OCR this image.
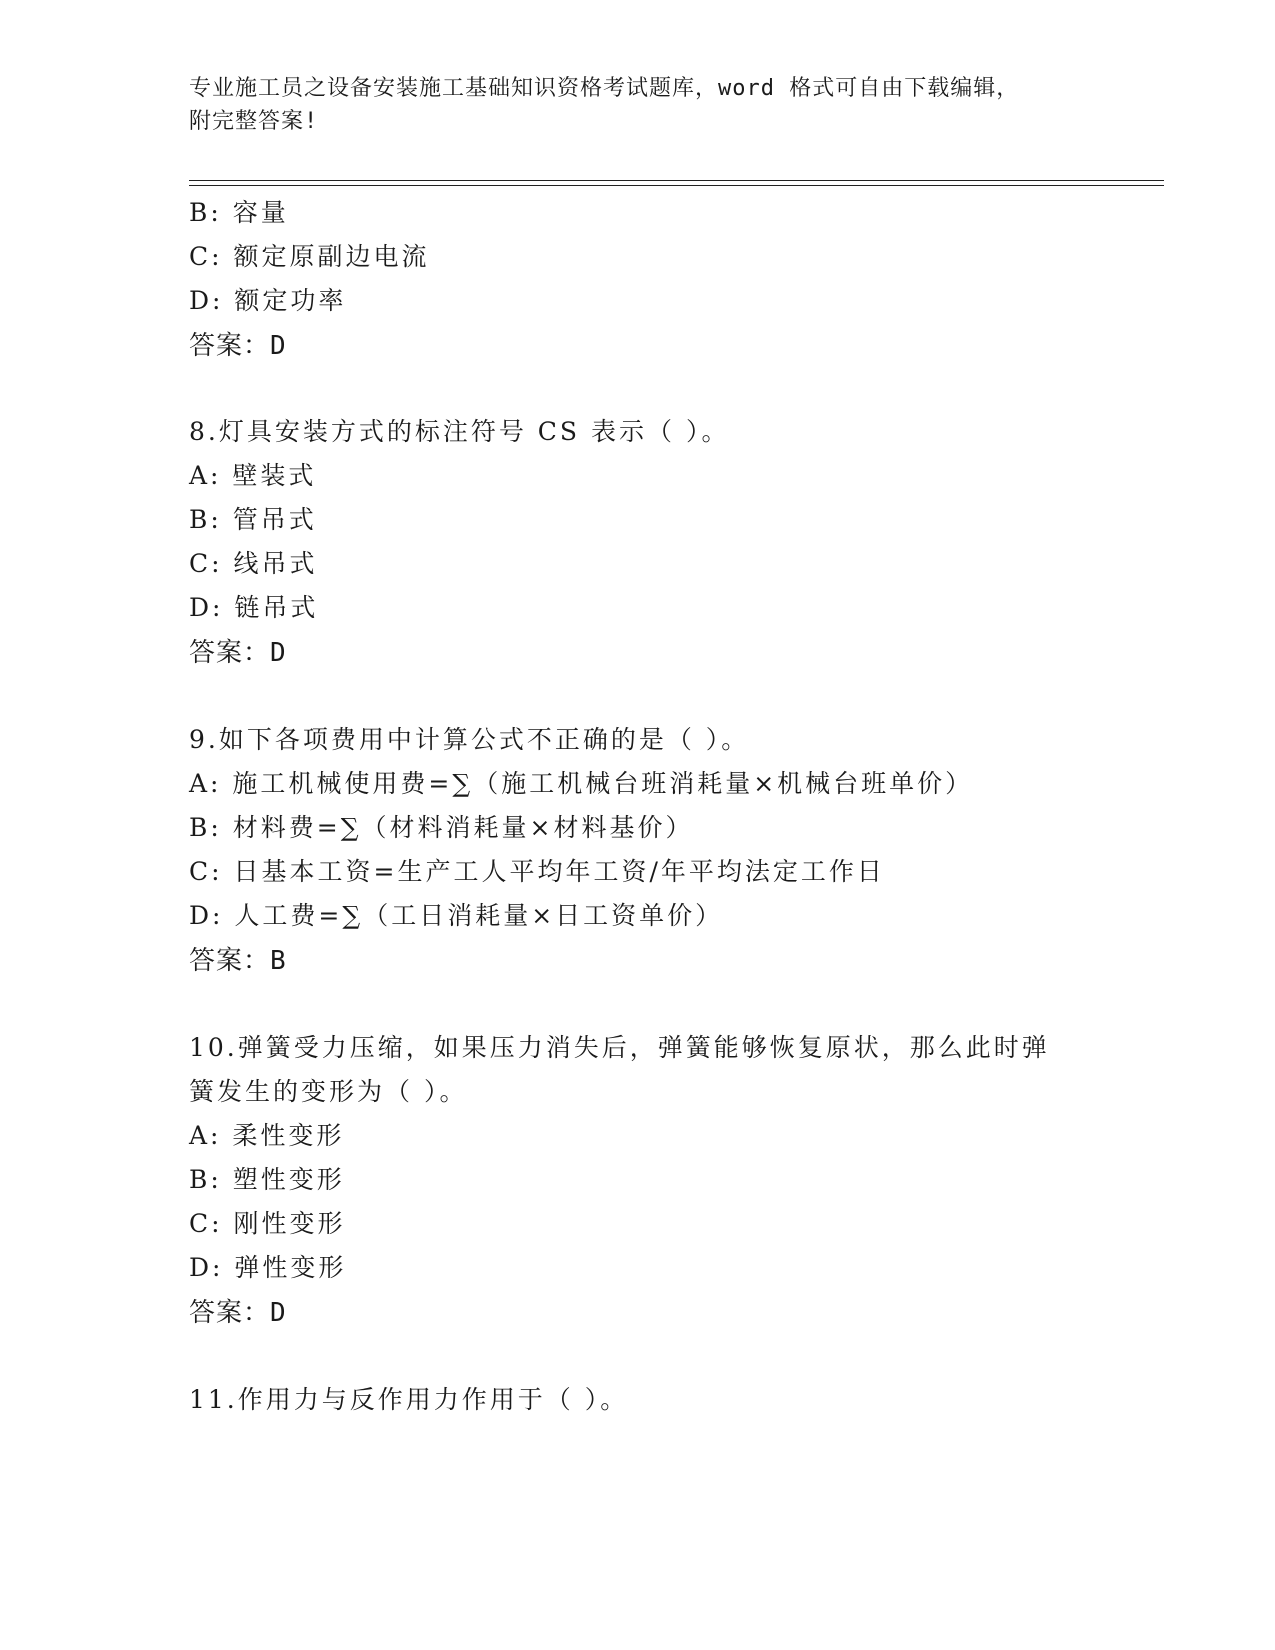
专业施工员之设备安装施工基础知识资格考试题库，word 格式可自由下载编辑，
附完整答案!
B: 容量
C: 额定原副边电流
D: 额定功率
答案：D
8.灯具安装方式的标注符号 CS 表示（ ）。
A: 壁装式
B: 管吊式
C: 线吊式
D: 链吊式
答案：D
9.如下各项费用中计算公式不正确的是（ ）。
A: 施工机械使用费=∑（施工机械台班消耗量×机械台班单价）
B: 材料费=∑（材料消耗量×材料基价）
C: 日基本工资=生产工人平均年工资/年平均法定工作日
D: 人工费=∑（工日消耗量×日工资单价）
答案：B
10.弹簧受力压缩，如果压力消失后，弹簧能够恢复原状，那么此时弹
簧发生的变形为（ ）。
A: 柔性变形
B: 塑性变形
C: 刚性变形
D: 弹性变形
答案：D
11.作用力与反作用力作用于（ ）。
